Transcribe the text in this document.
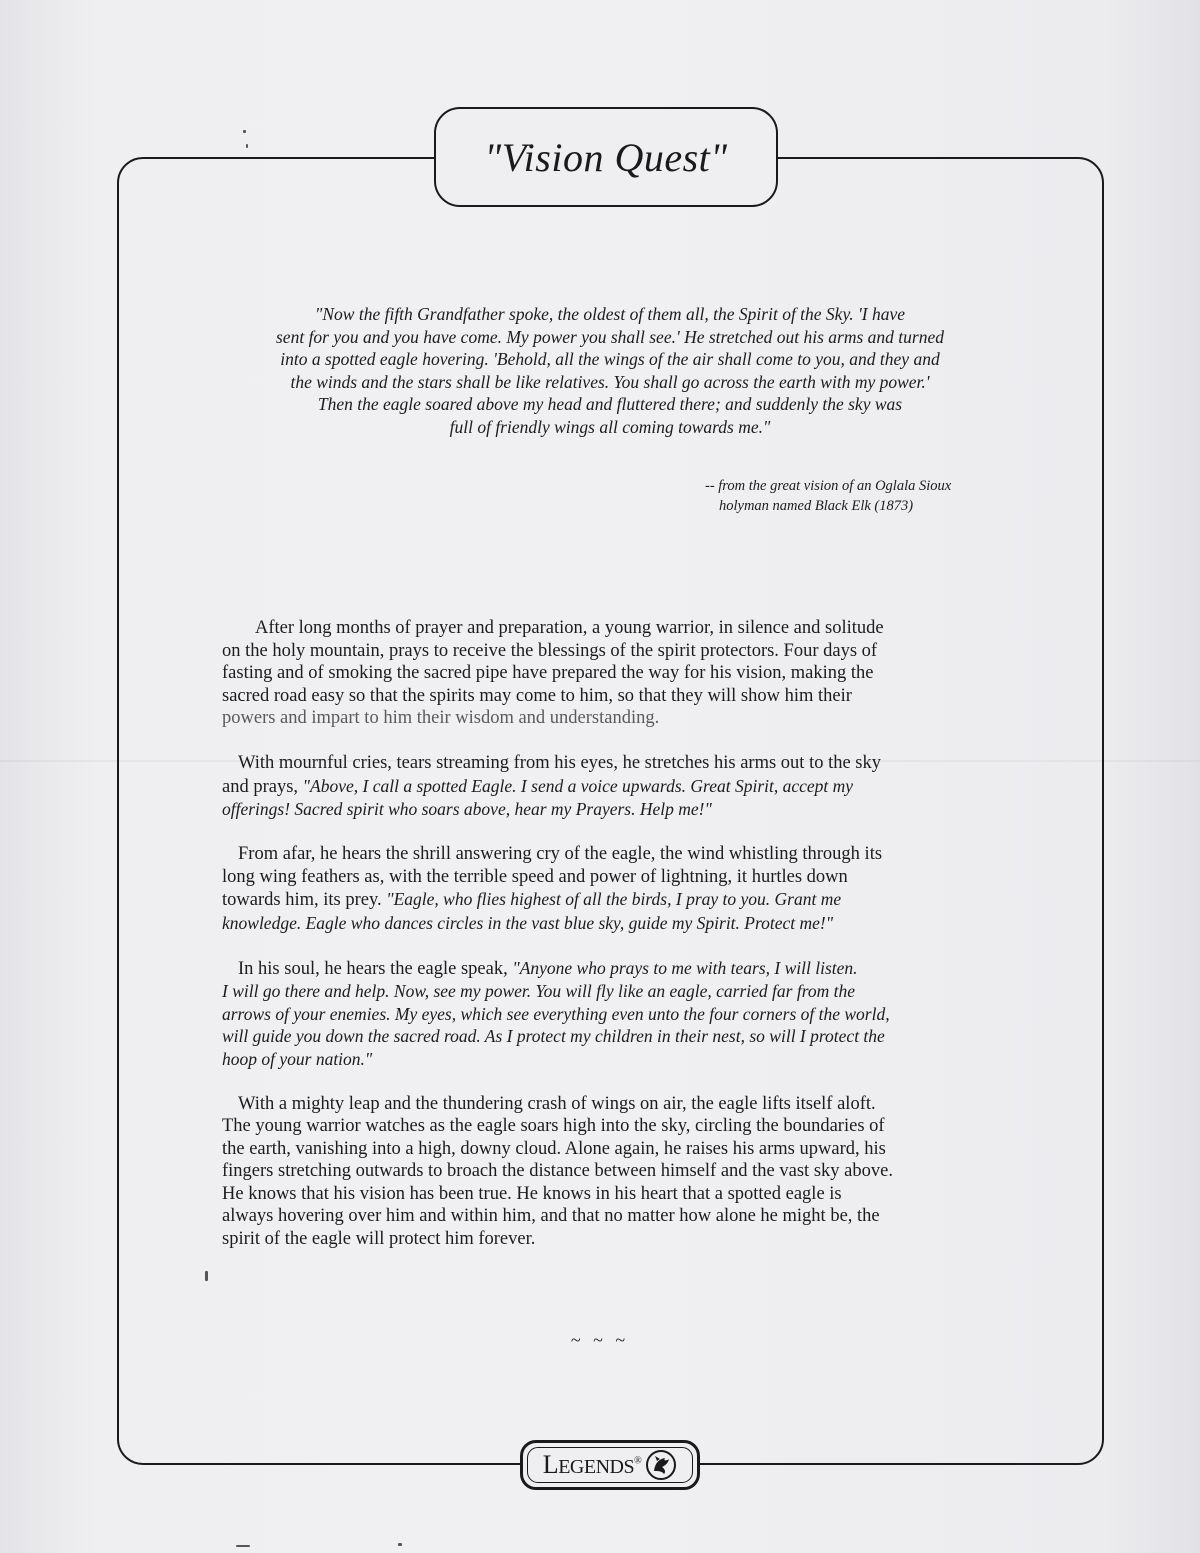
"Vision Quest"
"Now the fifth Grandfather spoke, the oldest of them all, the Spirit of the Sky. 'I have
sent for you and you have come. My power you shall see.' He stretched out his arms and turned
into a spotted eagle hovering. 'Behold, all the wings of the air shall come to you, and they and
the winds and the stars shall be like relatives. You shall go across the earth with my power.'
Then the eagle soared above my head and fluttered there; and suddenly the sky was
full of friendly wings all coming towards me."
-- from the great vision of an Oglala Sioux
holyman named Black Elk (1873)

After long months of prayer and preparation, a young warrior, in silence and solitude
on the holy mountain, prays to receive the blessings of the spirit protectors. Four days of
fasting and of smoking the sacred pipe have prepared the way for his vision, making the
sacred road easy so that the spirits may come to him, so that they will show him their
powers and impart to him their wisdom and understanding.

With mournful cries, tears streaming from his eyes, he stretches his arms out to the sky
and prays, "Above, I call a spotted Eagle. I send a voice upwards. Great Spirit, accept my
offerings! Sacred spirit who soars above, hear my Prayers. Help me!"

From afar, he hears the shrill answering cry of the eagle, the wind whistling through its
long wing feathers as, with the terrible speed and power of lightning, it hurtles down
towards him, its prey. "Eagle, who flies highest of all the birds, I pray to you. Grant me
knowledge. Eagle who dances circles in the vast blue sky, guide my Spirit. Protect me!"

In his soul, he hears the eagle speak, "Anyone who prays to me with tears, I will listen.
I will go there and help. Now, see my power. You will fly like an eagle, carried far from the
arrows of your enemies. My eyes, which see everything even unto the four corners of the world,
will guide you down the sacred road. As I protect my children in their nest, so will I protect the
hoop of your nation."

With a mighty leap and the thundering crash of wings on air, the eagle lifts itself aloft.
The young warrior watches as the eagle soars high into the sky, circling the boundaries of
the earth, vanishing into a high, downy cloud. Alone again, he raises his arms upward, his
fingers stretching outwards to broach the distance between himself and the vast sky above.
He knows that his vision has been true. He knows in his heart that a spotted eagle is
always hovering over him and within him, and that no matter how alone he might be, the
spirit of the eagle will protect him forever.

~ ~ ~
LEGENDS®
